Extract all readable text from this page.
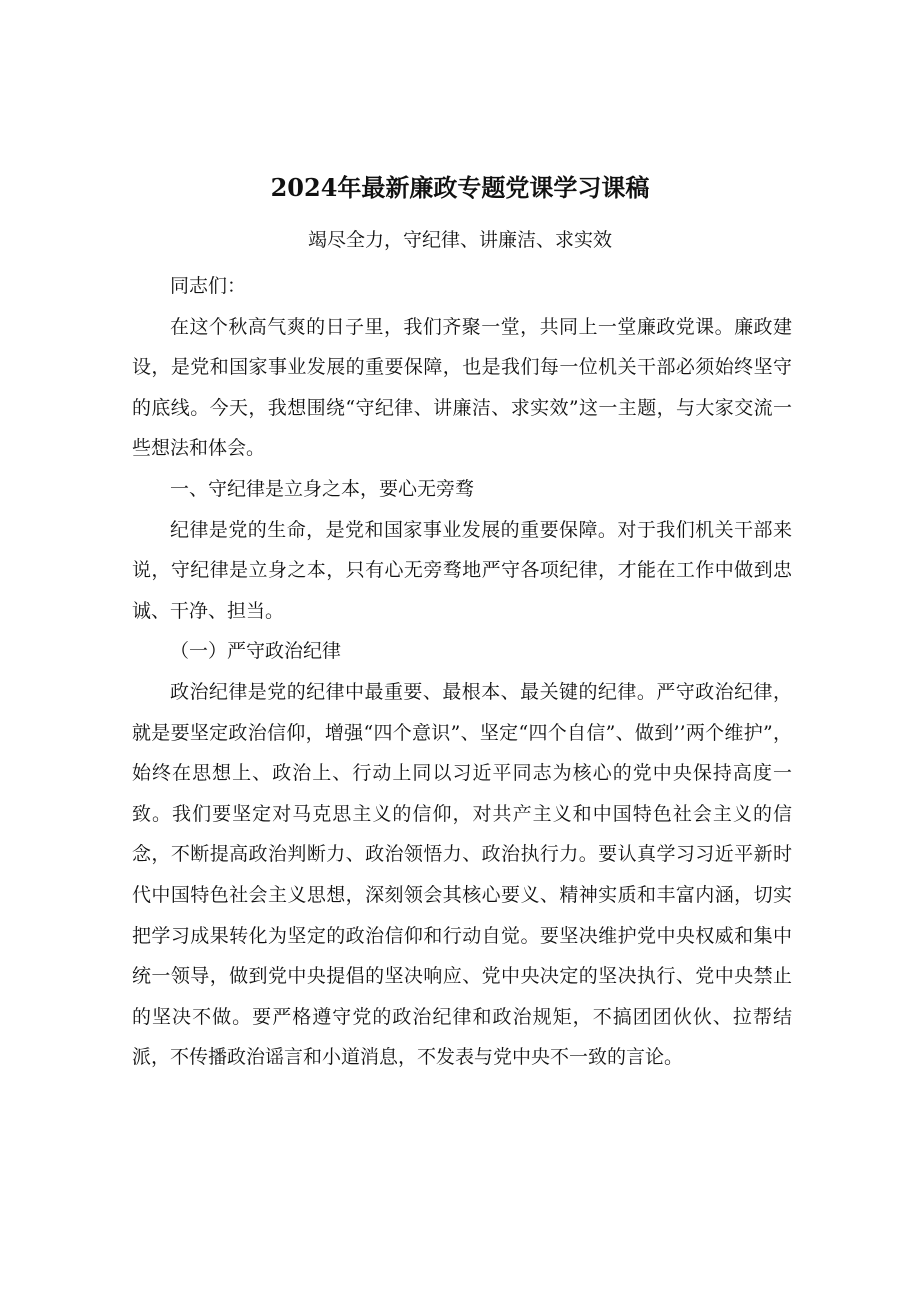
2024年最新廉政专题党课学习课稿
竭尽全力，守纪律、讲廉洁、求实效

同志们：

在这个秋高气爽的日子里，我们齐聚一堂，共同上一堂廉政党课。廉政建设，是党和国家事业发展的重要保障，也是我们每一位机关干部必须始终坚守的底线。今天，我想围绕“守纪律、讲廉洁、求实效”这一主题，与大家交流一些想法和体会。

一、守纪律是立身之本，要心无旁骛

纪律是党的生命，是党和国家事业发展的重要保障。对于我们机关干部来说，守纪律是立身之本，只有心无旁骛地严守各项纪律，才能在工作中做到忠诚、干净、担当。

（一）严守政治纪律

政治纪律是党的纪律中最重要、最根本、最关键的纪律。严守政治纪律，就是要坚定政治信仰，增强“四个意识”、坚定“四个自信”、做到’’两个维护”，始终在思想上、政治上、行动上同以习近平同志为核心的党中央保持高度一致。我们要坚定对马克思主义的信仰，对共产主义和中国特色社会主义的信念，不断提高政治判断力、政治领悟力、政治执行力。要认真学习习近平新时代中国特色社会主义思想，深刻领会其核心要义、精神实质和丰富内涵，切实把学习成果转化为坚定的政治信仰和行动自觉。要坚决维护党中央权威和集中统一领导，做到党中央提倡的坚决响应、党中央决定的坚决执行、党中央禁止的坚决不做。要严格遵守党的政治纪律和政治规矩，不搞团团伙伙、拉帮结派，不传播政治谣言和小道消息，不发表与党中央不一致的言论。
